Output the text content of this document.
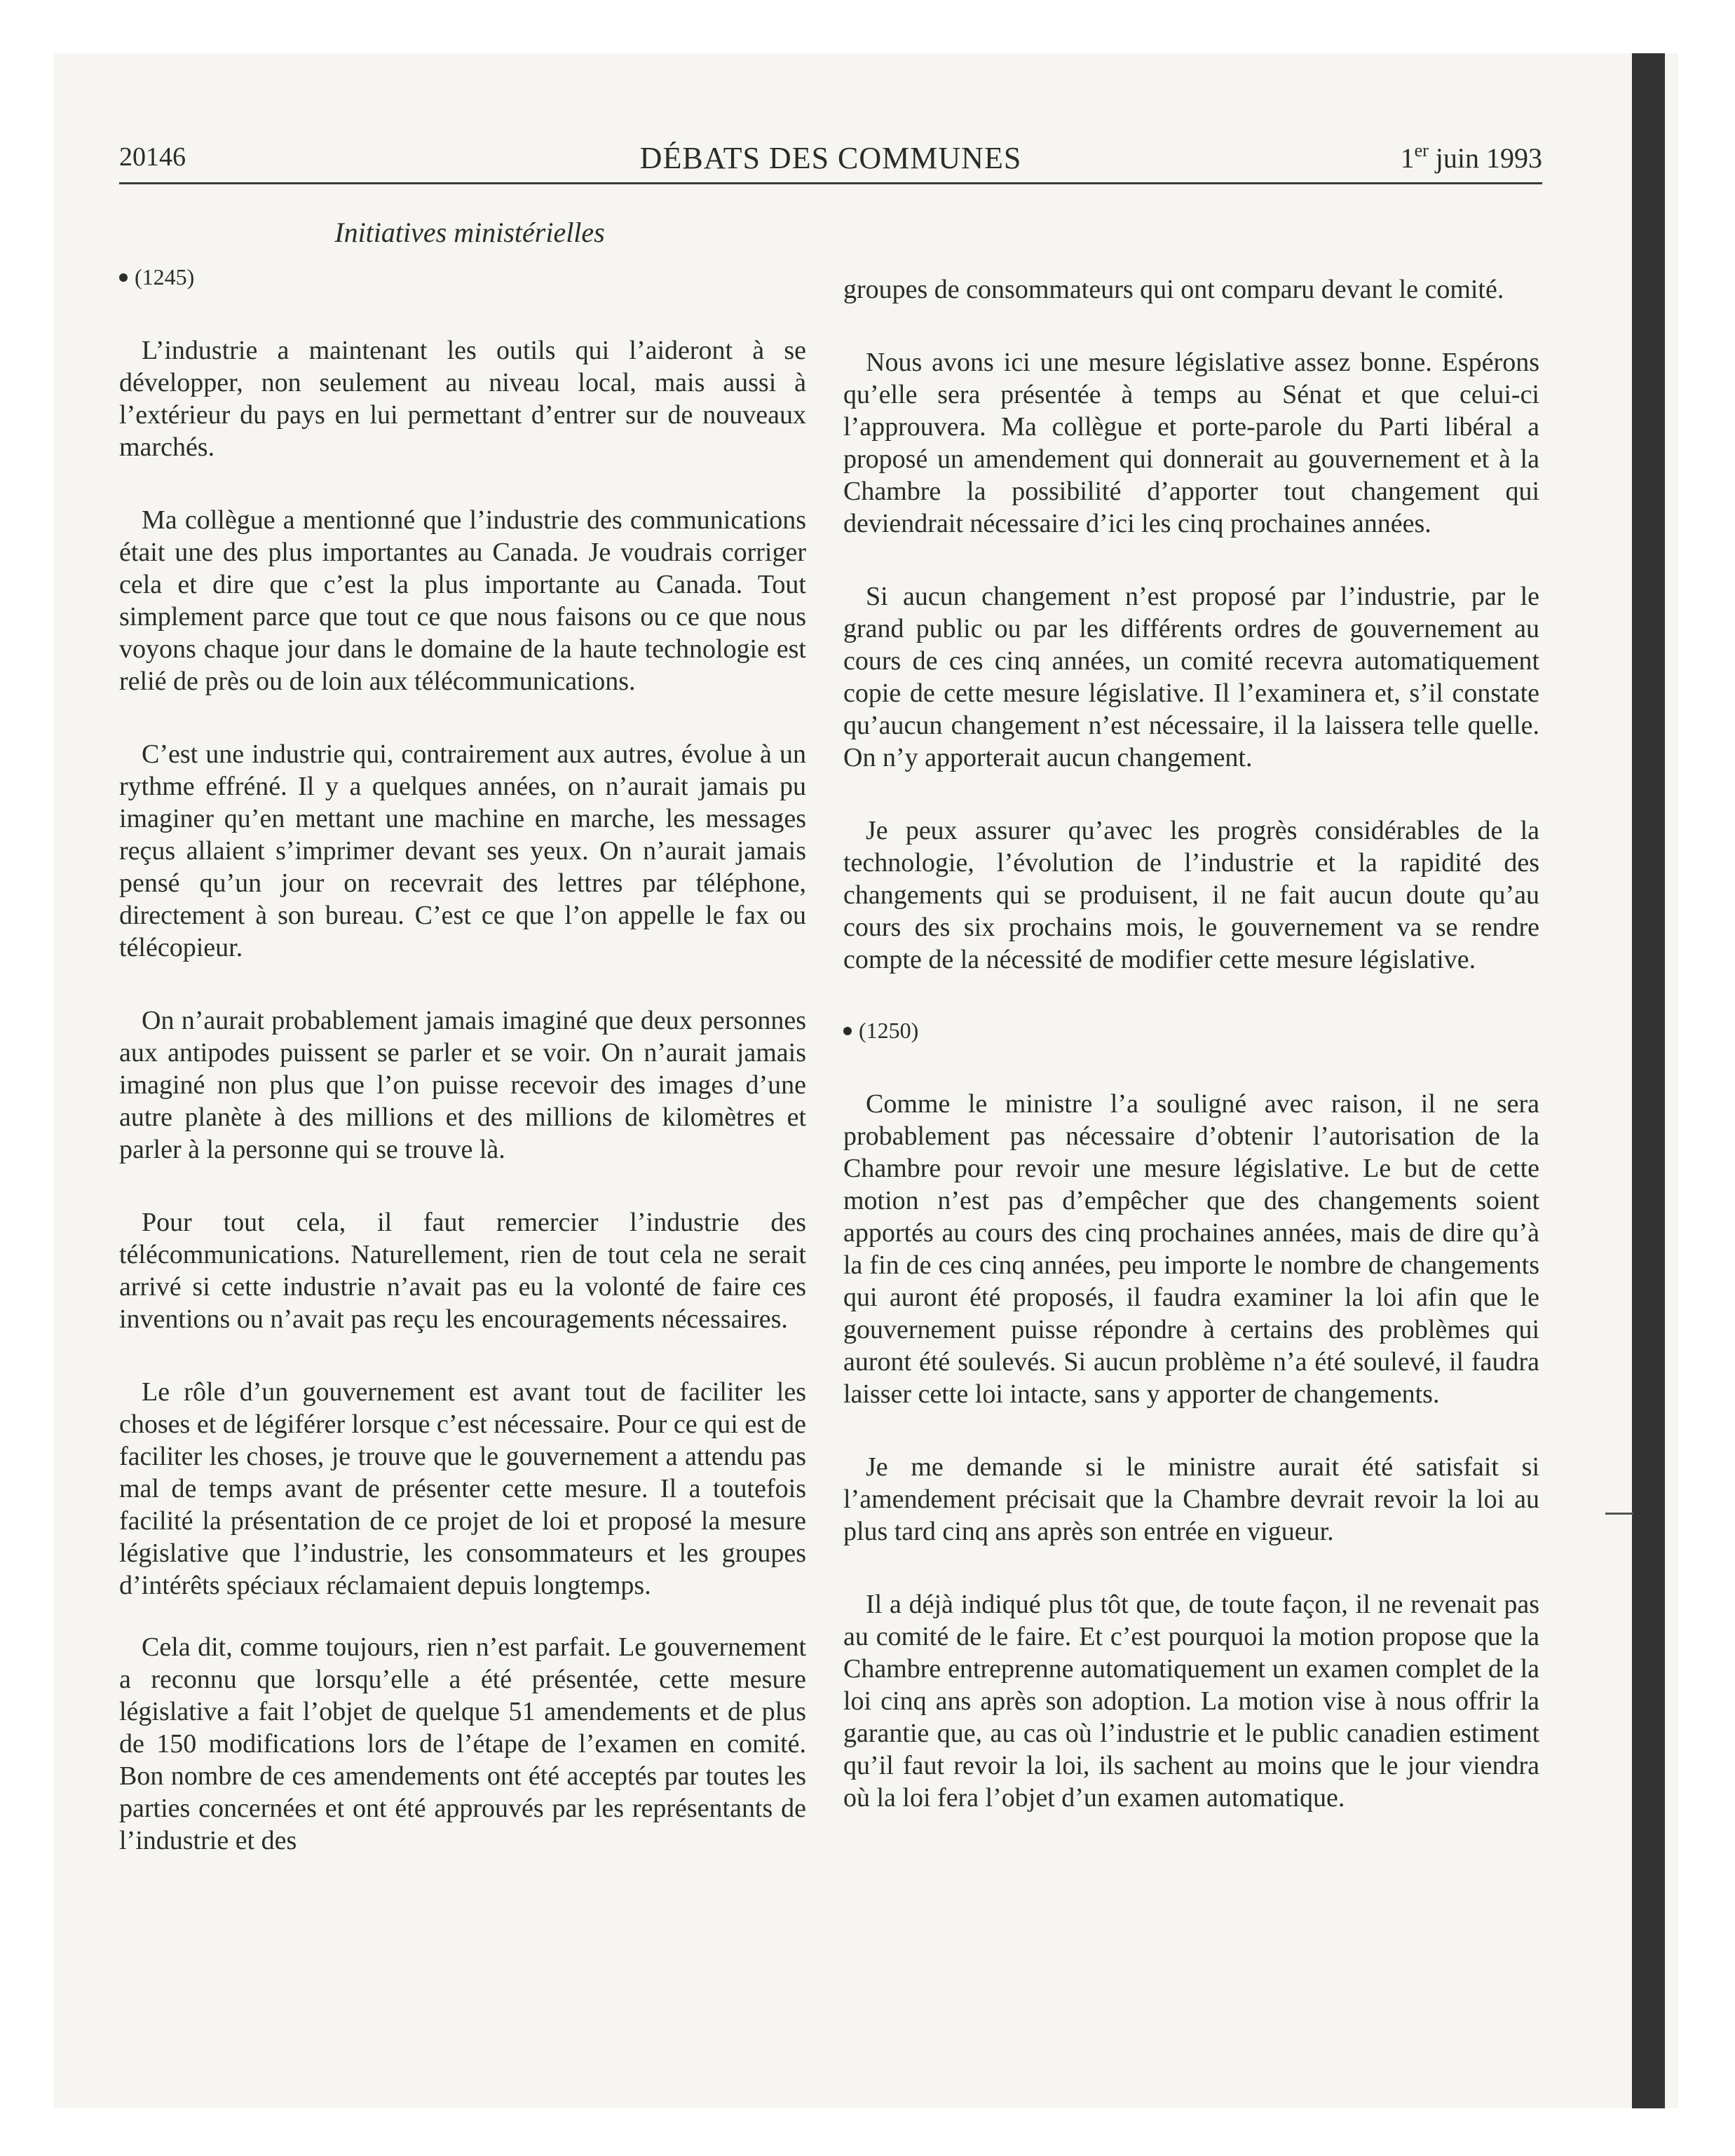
20146	DÉBATS DES COMMUNES	1er juin 1993
Initiatives ministérielles
(1245)

L’industrie a maintenant les outils qui l’aideront à se développer, non seulement au niveau local, mais aussi à l’extérieur du pays en lui permettant d’entrer sur de nouveaux marchés.

Ma collègue a mentionné que l’industrie des communications était une des plus importantes au Canada. Je voudrais corriger cela et dire que c’est la plus importante au Canada. Tout simplement parce que tout ce que nous faisons ou ce que nous voyons chaque jour dans le domaine de la haute technologie est relié de près ou de loin aux télécommunications.

C’est une industrie qui, contrairement aux autres, évolue à un rythme effréné. Il y a quelques années, on n’aurait jamais pu imaginer qu’en mettant une machine en marche, les messages reçus allaient s’imprimer devant ses yeux. On n’aurait jamais pensé qu’un jour on recevrait des lettres par téléphone, directement à son bureau. C’est ce que l’on appelle le fax ou télécopieur.

On n’aurait probablement jamais imaginé que deux personnes aux antipodes puissent se parler et se voir. On n’aurait jamais imaginé non plus que l’on puisse recevoir des images d’une autre planète à des millions et des millions de kilomètres et parler à la personne qui se trouve là.

Pour tout cela, il faut remercier l’industrie des télécommunications. Naturellement, rien de tout cela ne serait arrivé si cette industrie n’avait pas eu la volonté de faire ces inventions ou n’avait pas reçu les encouragements nécessaires.

Le rôle d’un gouvernement est avant tout de faciliter les choses et de légiférer lorsque c’est nécessaire. Pour ce qui est de faciliter les choses, je trouve que le gouvernement a attendu pas mal de temps avant de présenter cette mesure. Il a toutefois facilité la présentation de ce projet de loi et proposé la mesure législative que l’industrie, les consommateurs et les groupes d’intérêts spéciaux réclamaient depuis longtemps.

Cela dit, comme toujours, rien n’est parfait. Le gouvernement a reconnu que lorsqu’elle a été présentée, cette mesure législative a fait l’objet de quelque 51 amendements et de plus de 150 modifications lors de l’étape de l’examen en comité. Bon nombre de ces amendements ont été acceptés par toutes les parties concernées et ont été approuvés par les représentants de l’industrie et des

groupes de consommateurs qui ont comparu devant le comité.

Nous avons ici une mesure législative assez bonne. Espérons qu’elle sera présentée à temps au Sénat et que celui-ci l’approuvera. Ma collègue et porte-parole du Parti libéral a proposé un amendement qui donnerait au gouvernement et à la Chambre la possibilité d’apporter tout changement qui deviendrait nécessaire d’ici les cinq prochaines années.

Si aucun changement n’est proposé par l’industrie, par le grand public ou par les différents ordres de gouvernement au cours de ces cinq années, un comité recevra automatiquement copie de cette mesure législative. Il l’examinera et, s’il constate qu’aucun changement n’est nécessaire, il la laissera telle quelle. On n’y apporterait aucun changement.

Je peux assurer qu’avec les progrès considérables de la technologie, l’évolution de l’industrie et la rapidité des changements qui se produisent, il ne fait aucun doute qu’au cours des six prochains mois, le gouvernement va se rendre compte de la nécessité de modifier cette mesure législative.

(1250)

Comme le ministre l’a souligné avec raison, il ne sera probablement pas nécessaire d’obtenir l’autorisation de la Chambre pour revoir une mesure législative. Le but de cette motion n’est pas d’empêcher que des changements soient apportés au cours des cinq prochaines années, mais de dire qu’à la fin de ces cinq années, peu importe le nombre de changements qui auront été proposés, il faudra examiner la loi afin que le gouvernement puisse répondre à certains des problèmes qui auront été soulevés. Si aucun problème n’a été soulevé, il faudra laisser cette loi intacte, sans y apporter de changements.

Je me demande si le ministre aurait été satisfait si l’amendement précisait que la Chambre devrait revoir la loi au plus tard cinq ans après son entrée en vigueur.

Il a déjà indiqué plus tôt que, de toute façon, il ne revenait pas au comité de le faire. Et c’est pourquoi la motion propose que la Chambre entreprenne automatiquement un examen complet de la loi cinq ans après son adoption. La motion vise à nous offrir la garantie que, au cas où l’industrie et le public canadien estiment qu’il faut revoir la loi, ils sachent au moins que le jour viendra où la loi fera l’objet d’un examen automatique.
